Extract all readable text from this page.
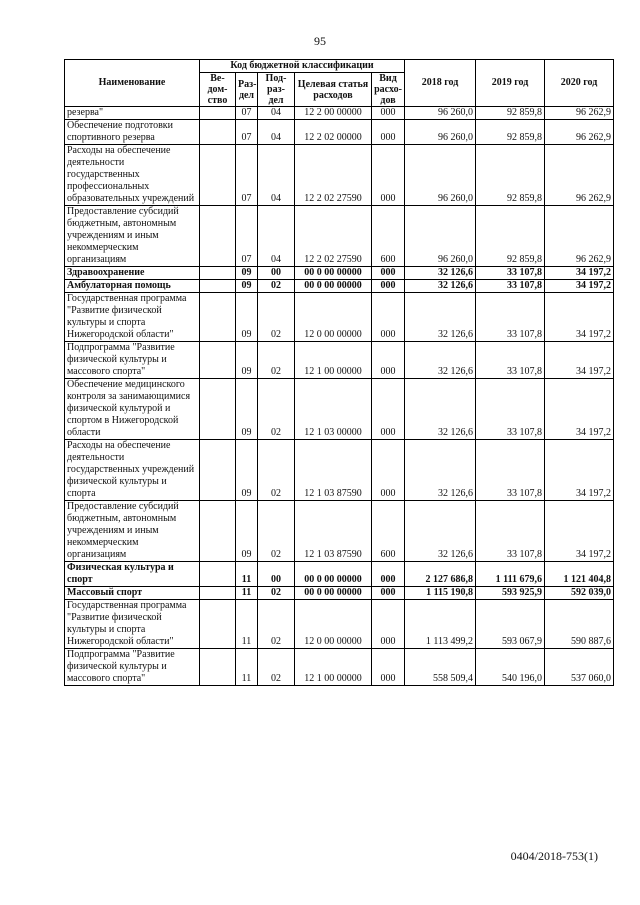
95
Наименование	Код бюджетной классификации					2018 год	2019 год	2020 год
	Ве-дом-ство	Раз-дел	Под-раз-дел	Целевая статья расходов	Вид расхо-дов			
резерва"		07	04	12 2 00 00000	000	96 260,0	92 859,8	96 262,9
Обеспечение подготовки спортивного резерва		07	04	12 2 02 00000	000	96 260,0	92 859,8	96 262,9
Расходы на обеспечение деятельности государственных профессиональных образовательных учреждений		07	04	12 2 02 27590	000	96 260,0	92 859,8	96 262,9
Предоставление субсидий бюджетным, автономным учреждениям и иным некоммерческим организациям		07	04	12 2 02 27590	600	96 260,0	92 859,8	96 262,9
Здравоохранение		09	00	00 0 00 00000	000	32 126,6	33 107,8	34 197,2
Амбулаторная помощь		09	02	00 0 00 00000	000	32 126,6	33 107,8	34 197,2
Государственная программа "Развитие физической культуры и спорта Нижегородской области"		09	02	12 0 00 00000	000	32 126,6	33 107,8	34 197,2
Подпрограмма "Развитие физической культуры и массового спорта"		09	02	12 1 00 00000	000	32 126,6	33 107,8	34 197,2
Обеспечение медицинского контроля за занимающимися физической культурой и спортом в Нижегородской области		09	02	12 1 03 00000	000	32 126,6	33 107,8	34 197,2
Расходы на обеспечение деятельности государственных учреждений физической культуры и спорта		09	02	12 1 03 87590	000	32 126,6	33 107,8	34 197,2
Предоставление субсидий бюджетным, автономным учреждениям и иным некоммерческим организациям		09	02	12 1 03 87590	600	32 126,6	33 107,8	34 197,2
Физическая культура и спорт		11	00	00 0 00 00000	000	2 127 686,8	1 111 679,6	1 121 404,8
Массовый спорт		11	02	00 0 00 00000	000	1 115 190,8	593 925,9	592 039,0
Государственная программа "Развитие физической культуры и спорта Нижегородской области"		11	02	12 0 00 00000	000	1 113 499,2	593 067,9	590 887,6
Подпрограмма "Развитие физической культуры и массового спорта"		11	02	12 1 00 00000	000	558 509,4	540 196,0	537 060,0
0404/2018-753(1)
